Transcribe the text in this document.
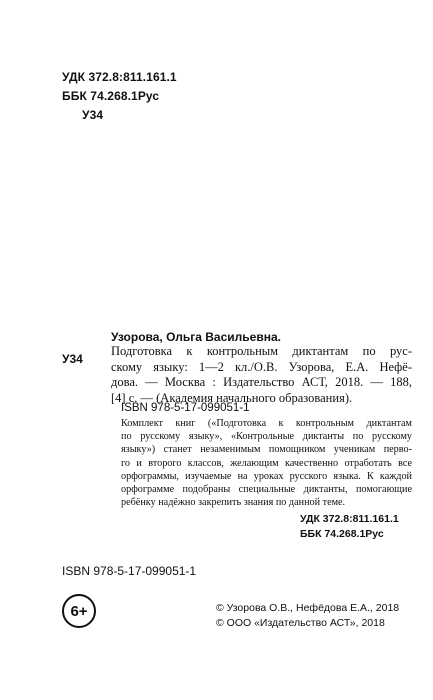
УДК 372.8:811.161.1
ББК 74.268.1Рус
У34
Узорова, Ольга Васильевна.
У34
Подготовка к контрольным диктантам по рус-
скому языку: 1—2 кл./О.В. Узорова, Е.А. Нефё-
дова. — Москва : Издательство АСТ, 2018. — 188,
[4] с. — (Академия начального образования).
ISBN 978-5-17-099051-1
Комплект книг («Подготовка к контрольным диктантам
по русскому языку», «Контрольные диктанты по русскому
языку») станет незаменимым помощником ученикам перво-
го и второго классов, желающим качественно отработать все
орфограммы, изучаемые на уроках русского языка. К каждой
орфограмме подобраны специальные диктанты, помогающие
ребёнку надёжно закрепить знания по данной теме.
УДК 372.8:811.161.1
ББК 74.268.1Рус
ISBN 978-5-17-099051-1
6+	© Узорова О.В., Нефёдова Е.А., 2018
© ООО «Издательство АСТ», 2018
